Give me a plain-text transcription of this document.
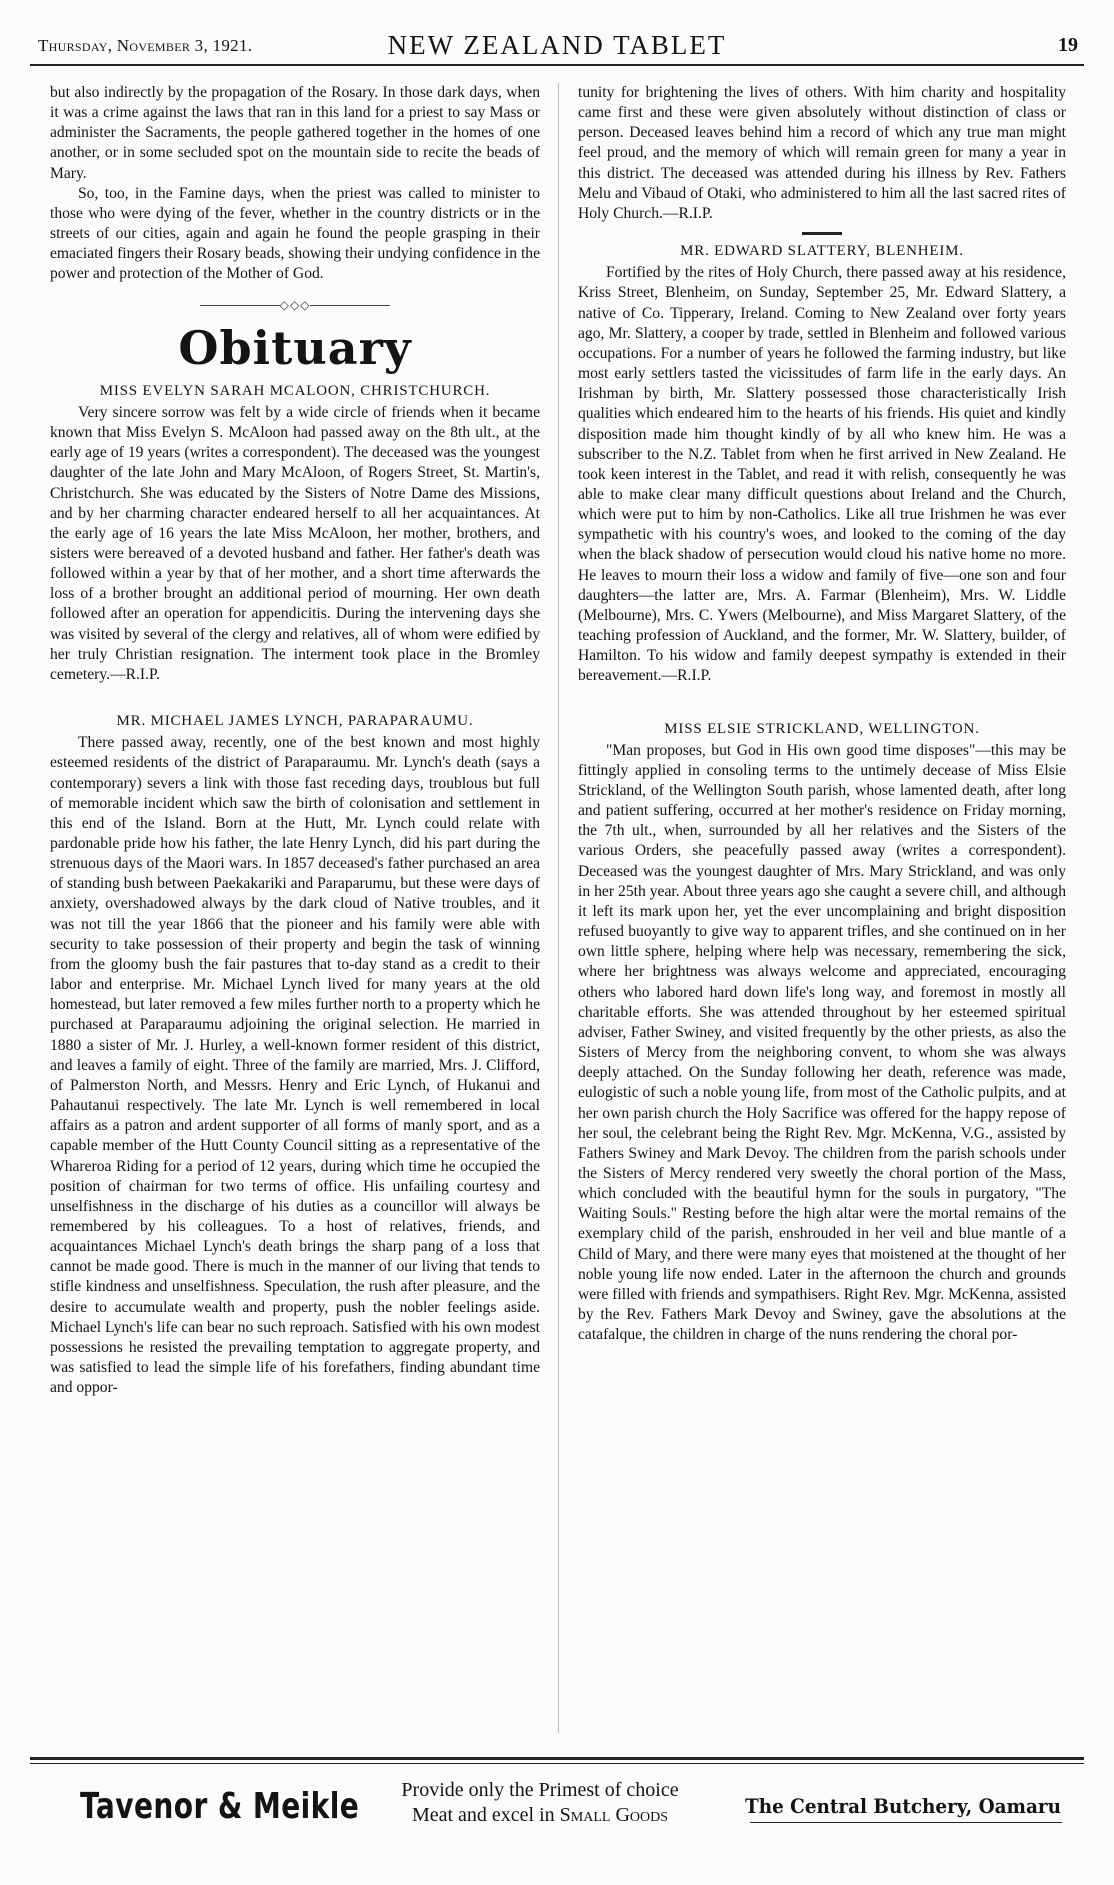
Thursday, November 3, 1921.	NEW ZEALAND TABLET	19

but also indirectly by the propagation of the Rosary. In those dark days, when it was a crime against the laws that ran in this land for a priest to say Mass or administer the Sacraments, the people gathered together in the homes of one another, or in some secluded spot on the mountain side to recite the beads of Mary.

So, too, in the Famine days, when the priest was called to minister to those who were dying of the fever, whether in the country districts or in the streets of our cities, again and again he found the people grasping in their emaciated fingers their Rosary beads, showing their undying confidence in the power and protection of the Mother of God.

◇◇◇
Obituary
MISS EVELYN SARAH MCALOON, CHRISTCHURCH.

Very sincere sorrow was felt by a wide circle of friends when it became known that Miss Evelyn S. McAloon had passed away on the 8th ult., at the early age of 19 years (writes a correspondent). The deceased was the youngest daughter of the late John and Mary McAloon, of Rogers Street, St. Martin's, Christchurch. She was educated by the Sisters of Notre Dame des Missions, and by her charming character endeared herself to all her acquaintances. At the early age of 16 years the late Miss McAloon, her mother, brothers, and sisters were bereaved of a devoted husband and father. Her father's death was followed within a year by that of her mother, and a short time afterwards the loss of a brother brought an additional period of mourning. Her own death followed after an operation for appendicitis. During the intervening days she was visited by several of the clergy and relatives, all of whom were edified by her truly Christian resignation. The interment took place in the Bromley cemetery.—R.I.P.

MR. MICHAEL JAMES LYNCH, PARAPARAUMU.

There passed away, recently, one of the best known and most highly esteemed residents of the district of Paraparaumu. Mr. Lynch's death (says a contemporary) severs a link with those fast receding days, troublous but full of memorable incident which saw the birth of colonisation and settlement in this end of the Island. Born at the Hutt, Mr. Lynch could relate with pardonable pride how his father, the late Henry Lynch, did his part during the strenuous days of the Maori wars. In 1857 deceased's father purchased an area of standing bush between Paekakariki and Paraparumu, but these were days of anxiety, overshadowed always by the dark cloud of Native troubles, and it was not till the year 1866 that the pioneer and his family were able with security to take possession of their property and begin the task of winning from the gloomy bush the fair pastures that to-day stand as a credit to their labor and enterprise. Mr. Michael Lynch lived for many years at the old homestead, but later removed a few miles further north to a property which he purchased at Paraparaumu adjoining the original selection. He married in 1880 a sister of Mr. J. Hurley, a well-known former resident of this district, and leaves a family of eight. Three of the family are married, Mrs. J. Clifford, of Palmerston North, and Messrs. Henry and Eric Lynch, of Hukanui and Pahautanui respectively. The late Mr. Lynch is well remembered in local affairs as a patron and ardent supporter of all forms of manly sport, and as a capable member of the Hutt County Council sitting as a representative of the Whareroa Riding for a period of 12 years, during which time he occupied the position of chairman for two terms of office. His unfailing courtesy and unselfishness in the discharge of his duties as a councillor will always be remembered by his colleagues. To a host of relatives, friends, and acquaintances Michael Lynch's death brings the sharp pang of a loss that cannot be made good. There is much in the manner of our living that tends to stifle kindness and unselfishness. Speculation, the rush after pleasure, and the desire to accumulate wealth and property, push the nobler feelings aside. Michael Lynch's life can bear no such reproach. Satisfied with his own modest possessions he resisted the prevailing temptation to aggregate property, and was satisfied to lead the simple life of his forefathers, finding abundant time and oppor-

tunity for brightening the lives of others. With him charity and hospitality came first and these were given absolutely without distinction of class or person. Deceased leaves behind him a record of which any true man might feel proud, and the memory of which will remain green for many a year in this district. The deceased was attended during his illness by Rev. Fathers Melu and Vibaud of Otaki, who administered to him all the last sacred rites of Holy Church.—R.I.P.

MR. EDWARD SLATTERY, BLENHEIM.

Fortified by the rites of Holy Church, there passed away at his residence, Kriss Street, Blenheim, on Sunday, September 25, Mr. Edward Slattery, a native of Co. Tipperary, Ireland. Coming to New Zealand over forty years ago, Mr. Slattery, a cooper by trade, settled in Blenheim and followed various occupations. For a number of years he followed the farming industry, but like most early settlers tasted the vicissitudes of farm life in the early days. An Irishman by birth, Mr. Slattery possessed those characteristically Irish qualities which endeared him to the hearts of his friends. His quiet and kindly disposition made him thought kindly of by all who knew him. He was a subscriber to the N.Z. Tablet from when he first arrived in New Zealand. He took keen interest in the Tablet, and read it with relish, consequently he was able to make clear many difficult questions about Ireland and the Church, which were put to him by non-Catholics. Like all true Irishmen he was ever sympathetic with his country's woes, and looked to the coming of the day when the black shadow of persecution would cloud his native home no more. He leaves to mourn their loss a widow and family of five—one son and four daughters—the latter are, Mrs. A. Farmar (Blenheim), Mrs. W. Liddle (Melbourne), Mrs. C. Ywers (Melbourne), and Miss Margaret Slattery, of the teaching profession of Auckland, and the former, Mr. W. Slattery, builder, of Hamilton. To his widow and family deepest sympathy is extended in their bereavement.—R.I.P.

MISS ELSIE STRICKLAND, WELLINGTON.

"Man proposes, but God in His own good time disposes"—this may be fittingly applied in consoling terms to the untimely decease of Miss Elsie Strickland, of the Wellington South parish, whose lamented death, after long and patient suffering, occurred at her mother's residence on Friday morning, the 7th ult., when, surrounded by all her relatives and the Sisters of the various Orders, she peacefully passed away (writes a correspondent). Deceased was the youngest daughter of Mrs. Mary Strickland, and was only in her 25th year. About three years ago she caught a severe chill, and although it left its mark upon her, yet the ever uncomplaining and bright disposition refused buoyantly to give way to apparent trifles, and she continued on in her own little sphere, helping where help was necessary, remembering the sick, where her brightness was always welcome and appreciated, encouraging others who labored hard down life's long way, and foremost in mostly all charitable efforts. She was attended throughout by her esteemed spiritual adviser, Father Swiney, and visited frequently by the other priests, as also the Sisters of Mercy from the neighboring convent, to whom she was always deeply attached. On the Sunday following her death, reference was made, eulogistic of such a noble young life, from most of the Catholic pulpits, and at her own parish church the Holy Sacrifice was offered for the happy repose of her soul, the celebrant being the Right Rev. Mgr. McKenna, V.G., assisted by Fathers Swiney and Mark Devoy. The children from the parish schools under the Sisters of Mercy rendered very sweetly the choral portion of the Mass, which concluded with the beautiful hymn for the souls in purgatory, "The Waiting Souls." Resting before the high altar were the mortal remains of the exemplary child of the parish, enshrouded in her veil and blue mantle of a Child of Mary, and there were many eyes that moistened at the thought of her noble young life now ended. Later in the afternoon the church and grounds were filled with friends and sympathisers. Right Rev. Mgr. McKenna, assisted by the Rev. Fathers Mark Devoy and Swiney, gave the absolutions at the catafalque, the children in charge of the nuns rendering the choral por-

Tavenor & Meikle	Provide only the Primest of choice
Meat and excel in Small Goods	The Central Butchery, Oamaru
